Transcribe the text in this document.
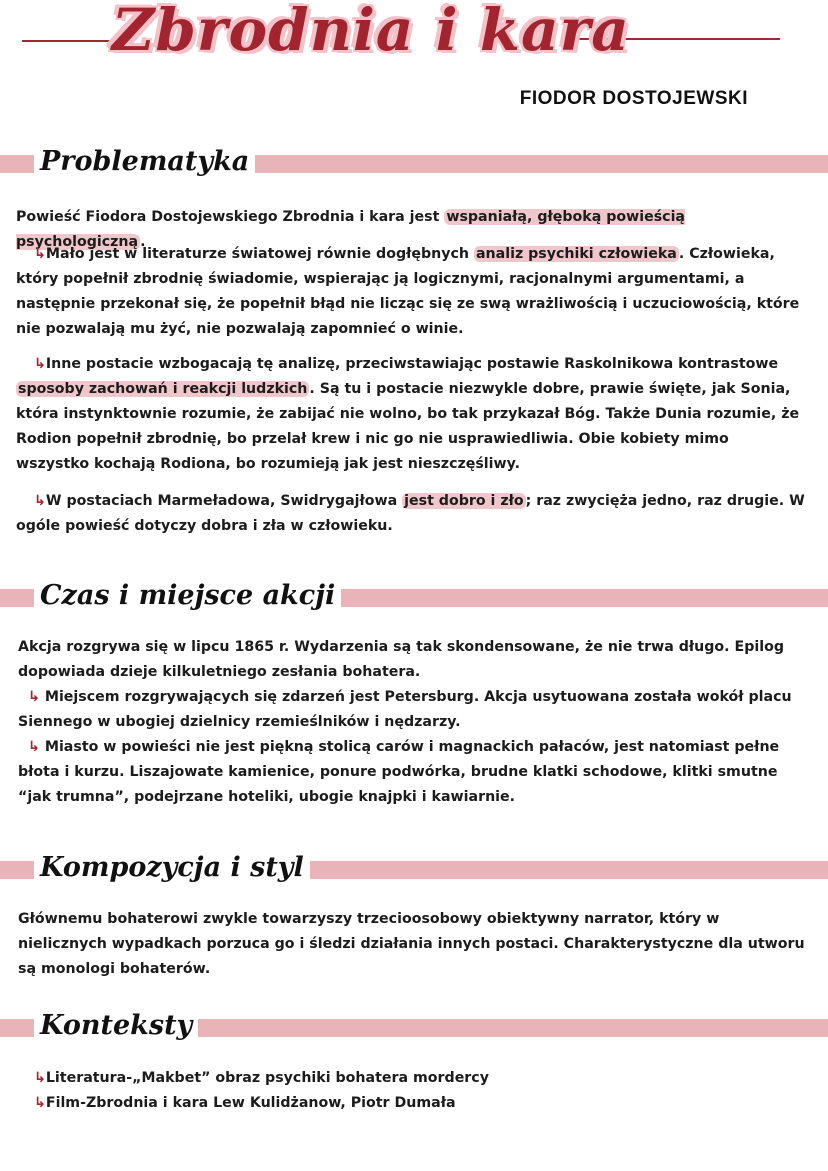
Zbrodnia i kara
FIODOR DOSTOJEWSKI
Problematyka

Powieść Fiodora Dostojewskiego Zbrodnia i kara jest wspaniałą, głęboką powieścią psychologiczną .

↳Mało jest w literaturze światowej równie dogłębnych analiz psychiki człowieka . Człowieka, który popełnił zbrodnię świadomie, wspierając ją logicznymi, racjonalnymi argumentami, a następnie przekonał się, że popełnił błąd nie licząc się ze swą wrażliwością i uczuciowością, które nie pozwalają mu żyć, nie pozwalają zapomnieć o winie.

↳Inne postacie wzbogacają tę analizę, przeciwstawiając postawie Raskolnikowa kontrastowe sposoby zachowań i reakcji ludzkich . Są tu i postacie niezwykle dobre, prawie święte, jak Sonia, która instynktownie rozumie, że zabijać nie wolno, bo tak przykazał Bóg. Także Dunia rozumie, że Rodion popełnił zbrodnię, bo przelał krew i nic go nie usprawiedliwia. Obie kobiety mimo wszystko kochają Rodiona, bo rozumieją jak jest nieszczęśliwy.

↳W postaciach Marmeładowa, Swidrygajłowa jest dobro i zło ; raz zwycięża jedno, raz drugie. W ogóle powieść dotyczy dobra i zła w człowieku.

Czas i miejsce akcji

Akcja rozgrywa się w lipcu 1865 r. Wydarzenia są tak skondensowane, że nie trwa długo. Epilog dopowiada dzieje kilkuletniego zesłania bohatera.

↳ Miejscem rozgrywających się zdarzeń jest Petersburg. Akcja usytuowana została wokół placu Siennego w ubogiej dzielnicy rzemieślników i nędzarzy.

↳ Miasto w powieści nie jest piękną stolicą carów i magnackich pałaców, jest natomiast pełne błota i kurzu. Liszajowate kamienice, ponure podwórka, brudne klatki schodowe, klitki smutne “jak trumna”, podejrzane hoteliki, ubogie knajpki i kawiarnie.

Kompozycja i styl

Głównemu bohaterowi zwykle towarzyszy trzecioosobowy obiektywny narrator, który w nielicznych wypadkach porzuca go i śledzi działania innych postaci. Charakterystyczne dla utworu są monologi bohaterów.

Konteksty
↳Literatura-„Makbet” obraz psychiki bohatera mordercy
↳Film-Zbrodnia i kara Lew Kulidżanow, Piotr Dumała
